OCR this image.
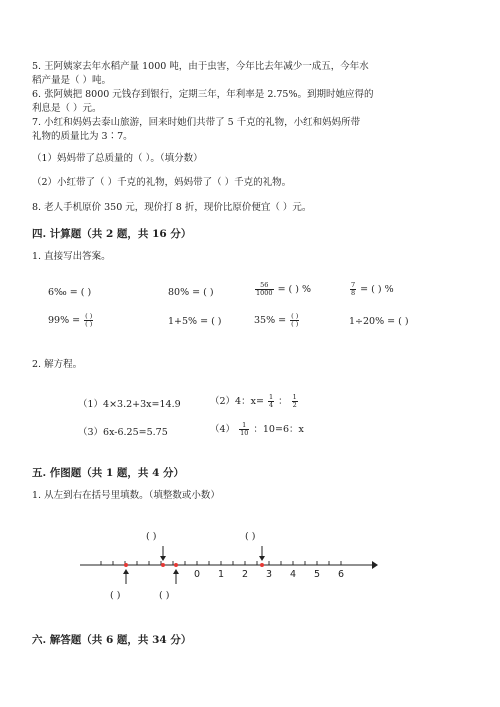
5. 王阿姨家去年水稻产量 1000 吨，由于虫害，今年比去年减少一成五，今年水
稻产量是（ ）吨。
6. 张阿姨把 8000 元钱存到银行，定期三年，年利率是 2.75%。到期时她应得的
利息是（ ）元。
7. 小红和妈妈去泰山旅游，回来时她们共带了 5 千克的礼物，小红和妈妈所带
礼物的质量比为 3∶7。
（1）妈妈带了总质量的（ ）。（填分数）
（2）小红带了（ ）千克的礼物，妈妈带了（ ）千克的礼物。
8. 老人手机原价 350 元，现价打 8 折，现价比原价便宜（ ）元。
四. 计算题（共 2 题，共 16 分）
1. 直接写出答案。
6‰ = ( )	80% = ( )	$\frac{56}{1000}$ = ( ) %	$\frac{7}{8}$ = ( ) %
$99\% = \frac{( )}{( )}$	1+5% = ( )	$35\% = \frac{( )}{( )}$	1÷20% = ( )
2. 解方程。
（1）4×3.2+3x=14.9	（2）4：$x= \frac{1}{4}$ ： $\frac{1}{2}$
（3）6x-6.25=5.75	$(4) \frac{1}{10}$ ：10=6：x
五. 作图题（共 1 题，共 4 分）
1. 从左到右在括号里填数。（填整数或小数）
( )	( )
( )	( )
0 1 2 3 4 5 6
六. 解答题（共 6 题，共 34 分）
